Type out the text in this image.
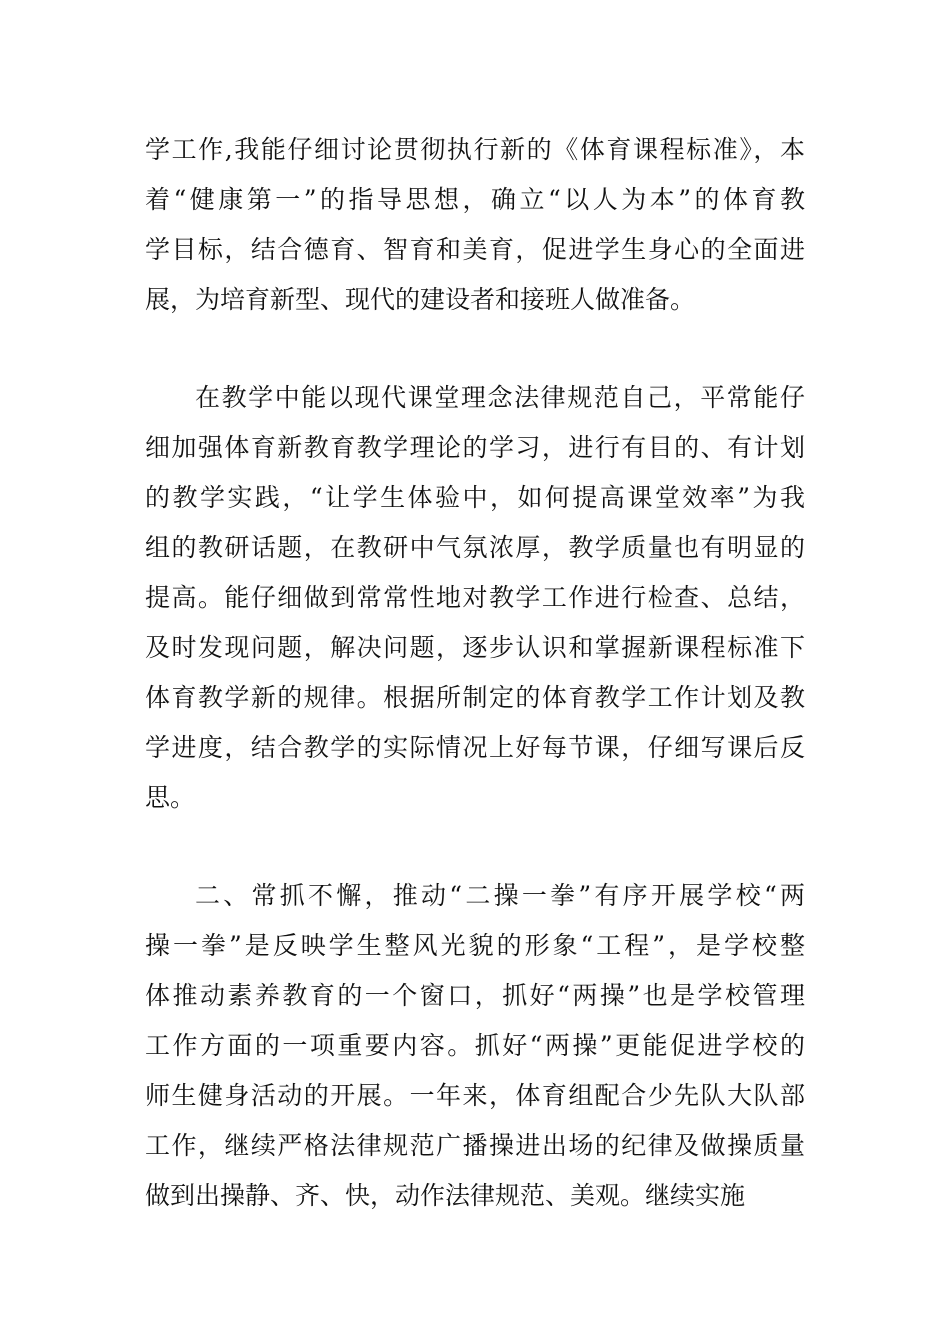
学工作,我能仔细讨论贯彻执行新的《体育课程标准》，本
着“健康第一”的指导思想，确立“以人为本”的体育教
学目标，结合德育、智育和美育，促进学生身心的全面进
展，为培育新型、现代的建设者和接班人做准备。
在教学中能以现代课堂理念法律规范自己，平常能仔
细加强体育新教育教学理论的学习，进行有目的、有计划
的教学实践，“让学生体验中，如何提高课堂效率”为我
组的教研话题，在教研中气氛浓厚，教学质量也有明显的
提高。能仔细做到常常性地对教学工作进行检查、总结，
及时发现问题，解决问题，逐步认识和掌握新课程标准下
体育教学新的规律。根据所制定的体育教学工作计划及教
学进度，结合教学的实际情况上好每节课，仔细写课后反
思。
二、常抓不懈，推动“二操一拳”有序开展学校“两
操一拳”是反映学生整风光貌的形象“工程”，是学校整
体推动素养教育的一个窗口，抓好“两操”也是学校管理
工作方面的一项重要内容。抓好“两操”更能促进学校的
师生健身活动的开展。一年来，体育组配合少先队大队部
工作，继续严格法律规范广播操进出场的纪律及做操质量
做到出操静、齐、快，动作法律规范、美观。继续实施
